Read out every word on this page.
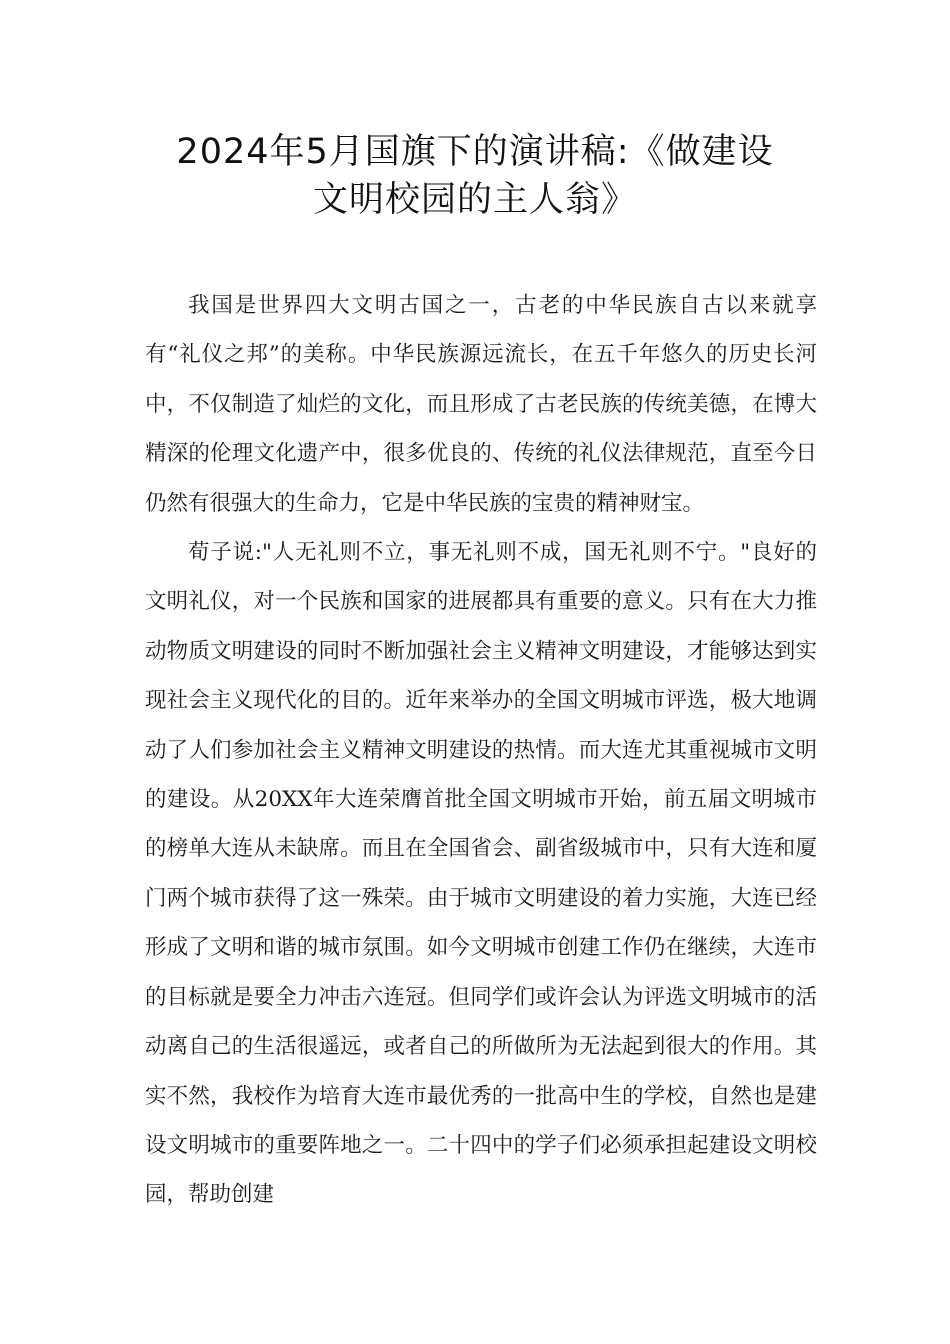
2024年5月国旗下的演讲稿:《做建设
文明校园的主人翁》

我国是世界四大文明古国之一，古老的中华民族自古以来就享有“礼仪之邦”的美称。中华民族源远流长，在五千年悠久的历史长河中，不仅制造了灿烂的文化，而且形成了古老民族的传统美德，在博大精深的伦理文化遗产中，很多优良的、传统的礼仪法律规范，直至今日仍然有很强大的生命力，它是中华民族的宝贵的精神财宝。

荀子说:"人无礼则不立，事无礼则不成，国无礼则不宁。"良好的文明礼仪，对一个民族和国家的进展都具有重要的意义。只有在大力推动物质文明建设的同时不断加强社会主义精神文明建设，才能够达到实现社会主义现代化的目的。近年来举办的全国文明城市评选，极大地调动了人们参加社会主义精神文明建设的热情。而大连尤其重视城市文明的建设。从20XX年大连荣膺首批全国文明城市开始，前五届文明城市的榜单大连从未缺席。而且在全国省会、副省级城市中，只有大连和厦门两个城市获得了这一殊荣。由于城市文明建设的着力实施，大连已经形成了文明和谐的城市氛围。如今文明城市创建工作仍在继续，大连市的目标就是要全力冲击六连冠。但同学们或许会认为评选文明城市的活动离自己的生活很遥远，或者自己的所做所为无法起到很大的作用。其实不然，我校作为培育大连市最优秀的一批高中生的学校，自然也是建设文明城市的重要阵地之一。二十四中的学子们必须承担起建设文明校园，帮助创建
